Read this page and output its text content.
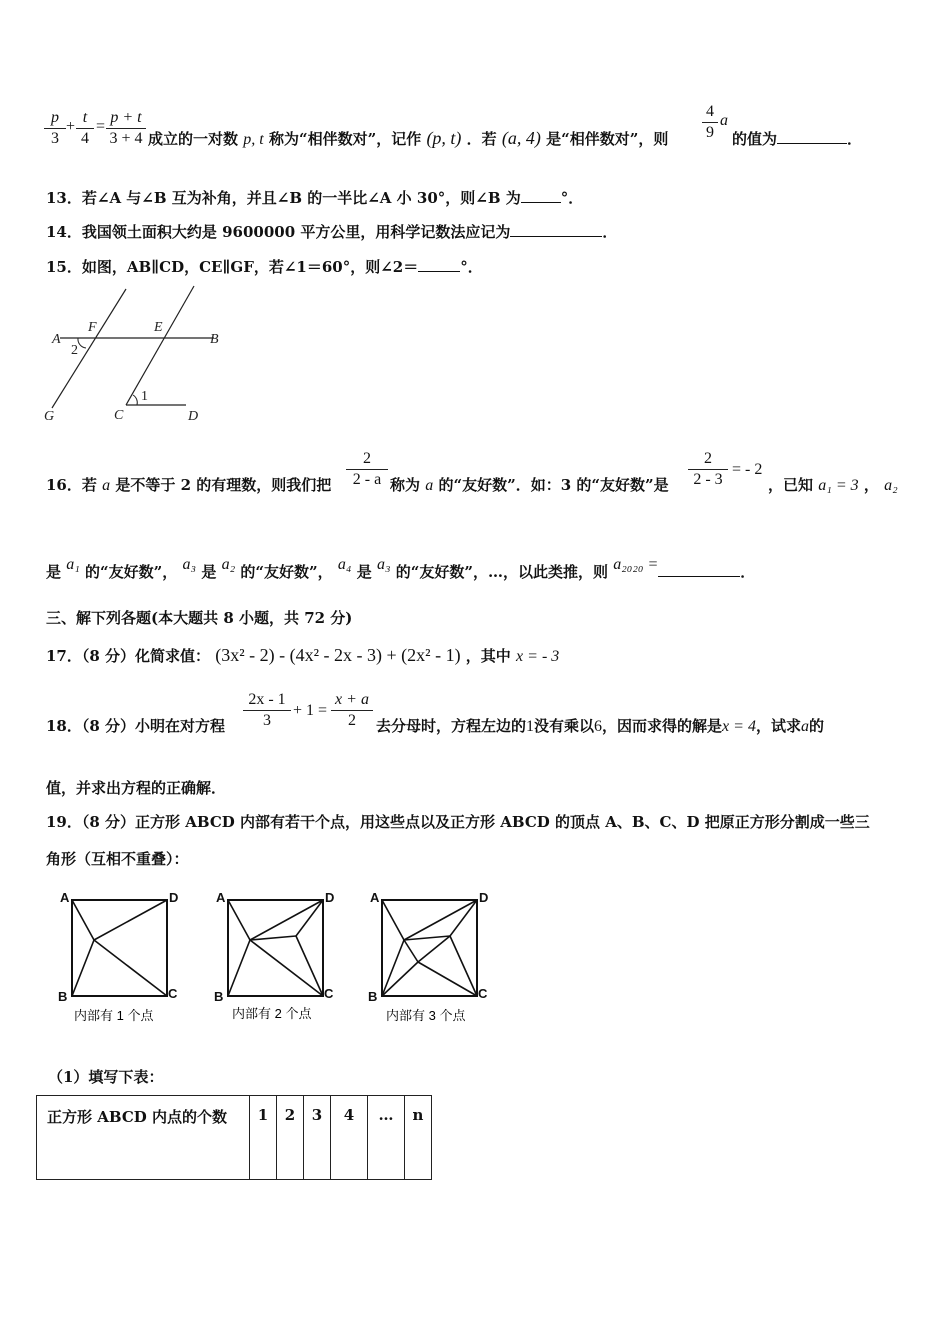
$\frac{p}{3} + \frac{t}{4} = \frac{p + t}{3 + 4}$ 成立的一对数 p, t 称为“相伴数对”，记作 (p, t) ．若 (a, 4) 是“相伴数对”，则 $\frac{4}{9}$ a
的值为	．
13．若∠A 与∠B 互为补角，并且∠B 的一半比∠A 小 30°，则∠B 为	°．
14．我国领土面积大约是 9600000 平方公里，用科学记数法应记为	．
15．如图，AB∥CD，CE∥GF，若∠1＝60°，则∠2＝	°．
A
F	E
B
2
G	C
1
D
16．若 a 是不等于 2 的有理数，则我们把 $\frac{2}{2 - a}$ 称为 a 的“友好数”．如：3 的“友好数”是 $\frac{2}{2 - 3}$ = - 2
，已知 a₁ = 3 ， a₂
是 a₁ 的“友好数”， a₃ 是 a₂ 的“友好数”， a₄ 是 a₃ 的“友好数”，…，以此类推，则 a₂₀₂₀ =	．
三、解下列各题(本大题共 8 小题，共 72 分)
17．（8 分）化简求值： (3x² - 2) - (4x² - 2x - 3) + (2x² - 1) ，其中 x = - 3
18．（8 分）小明在对方程 $\frac{2x - 1}{3} + 1 = \frac{x + a}{2}$ 去分母时，方程左边的1没有乘以6，因而求得的解是x = 4，试求a的
值，并求出方程的正确解．
19．（8 分）正方形 ABCD 内部有若干个点，用这些点以及正方形 ABCD 的顶点 A、B、C、D 把原正方形分割成一些三
角形（互相不重叠）：
A	D
B	C
内部有 1 个点
A	D
B	C
内部有 2 个点
A	D
B	C
内部有 3 个点
（1）填写下表：
正方形 ABCD 内点的个数	1	2	3	4	…	n
